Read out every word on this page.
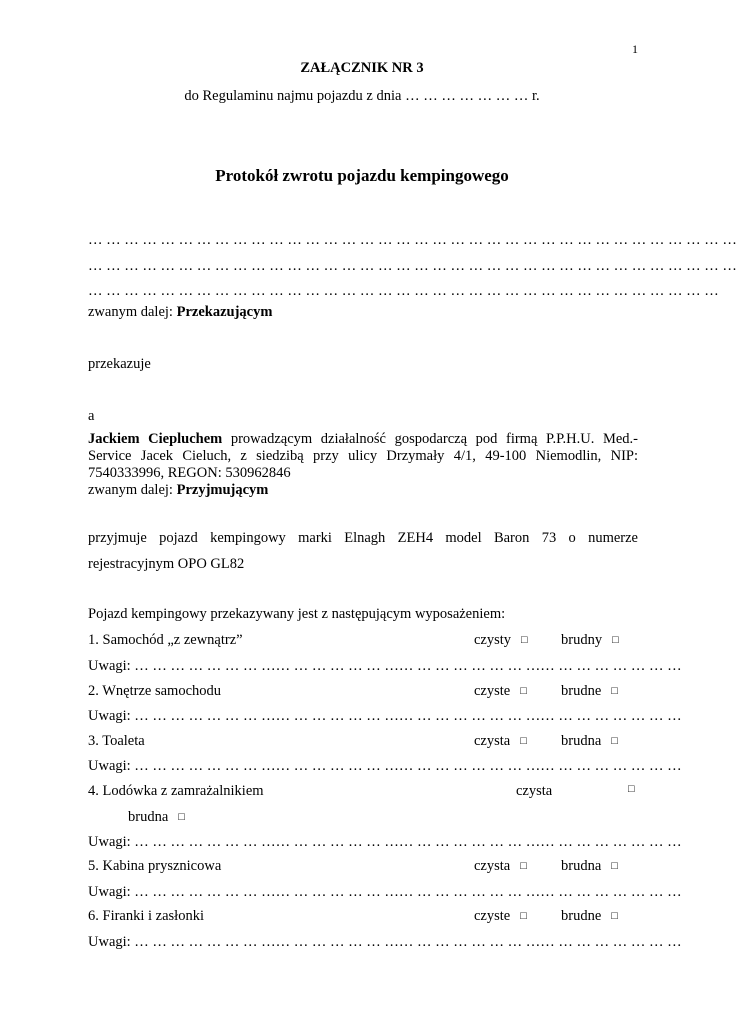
1
ZAŁĄCZNIK NR 3
do Regulaminu najmu pojazdu z dnia … … … … … … … r.
Protokół zwrotu pojazdu kempingowego
… … … … … … … … … … … … … … … … … … … … … … … … … … … … … … … … … … … …
… … … … … … … … … … … … … … … … … … … … … … … … … … … … … … … … … … … …
… … … … … … … … … … … … … … … … … … … … … … … … … … … … … … … … … … …
zwanym dalej: Przekazującym
przekazuje
a
Jackiem Ciepluchem prowadzącym działalność gospodarczą pod firmą P.P.H.U. Med.-Service Jacek Cieluch, z siedzibą przy ulicy Drzymały 4/1, 49-100 Niemodlin, NIP: 7540333996, REGON: 530962846
zwanym dalej: Przyjmującym
przyjmuje pojazd kempingowy marki Elnagh ZEH4 model Baron 73 o numerze
rejestracyjnym OPO GL82
Pojazd kempingowy przekazywany jest z następującym wyposażeniem:
1. Samochód „z zewnątrz”	czysty □ brudny □
Uwagi: … … … … … … … …… … … … … … …… … … … … … … …… … … … … … … …
2. Wnętrze samochodu	czyste □ brudne □
Uwagi: … … … … … … … …… … … … … … …… … … … … … … …… … … … … … … …
3. Toaleta	czysta □ brudna □
Uwagi: … … … … … … … …… … … … … … …… … … … … … … …… … … … … … … …
4. Lodówka z zamrażalnikiem	czysta	□
brudna □
Uwagi: … … … … … … … …… … … … … … …… … … … … … … …… … … … … … … …
5. Kabina prysznicowa	czysta □ brudna □
Uwagi: … … … … … … … …… … … … … … …… … … … … … … …… … … … … … … …
6. Firanki i zasłonki	czyste □ brudne □
Uwagi: … … … … … … … …… … … … … … …… … … … … … … …… … … … … … … …
